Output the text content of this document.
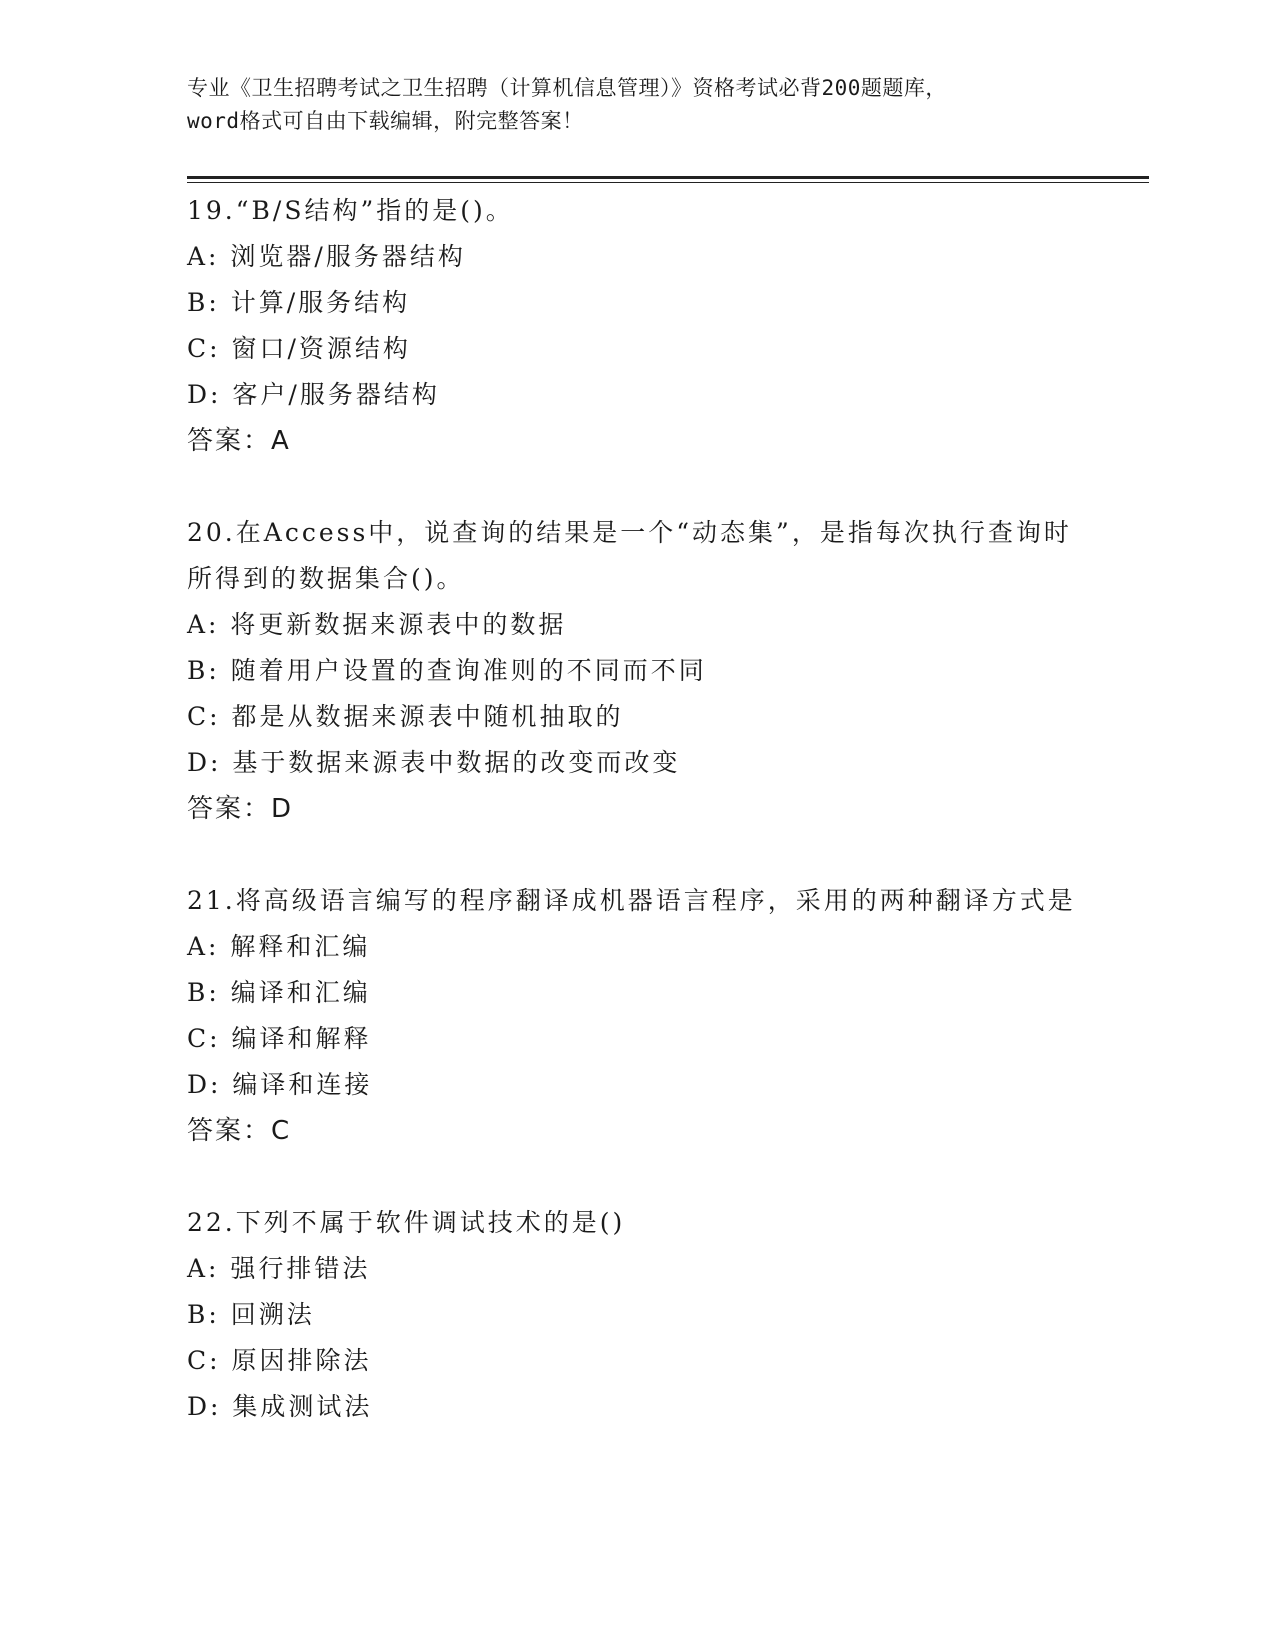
专业《卫生招聘考试之卫生招聘（计算机信息管理）》资格考试必背200题题库，
word格式可自由下载编辑，附完整答案！
19.“B/S结构”指的是()。
A: 浏览器/服务器结构
B: 计算/服务结构
C: 窗口/资源结构
D: 客户/服务器结构
答案：A
20.在Access中，说查询的结果是一个“动态集”，是指每次执行查询时所得到的数据集合()。
A: 将更新数据来源表中的数据
B: 随着用户设置的查询准则的不同而不同
C: 都是从数据来源表中随机抽取的
D: 基于数据来源表中数据的改变而改变
答案：D
21.将高级语言编写的程序翻译成机器语言程序，采用的两种翻译方式是
A: 解释和汇编
B: 编译和汇编
C: 编译和解释
D: 编译和连接
答案：C
22.下列不属于软件调试技术的是()
A: 强行排错法
B: 回溯法
C: 原因排除法
D: 集成测试法
